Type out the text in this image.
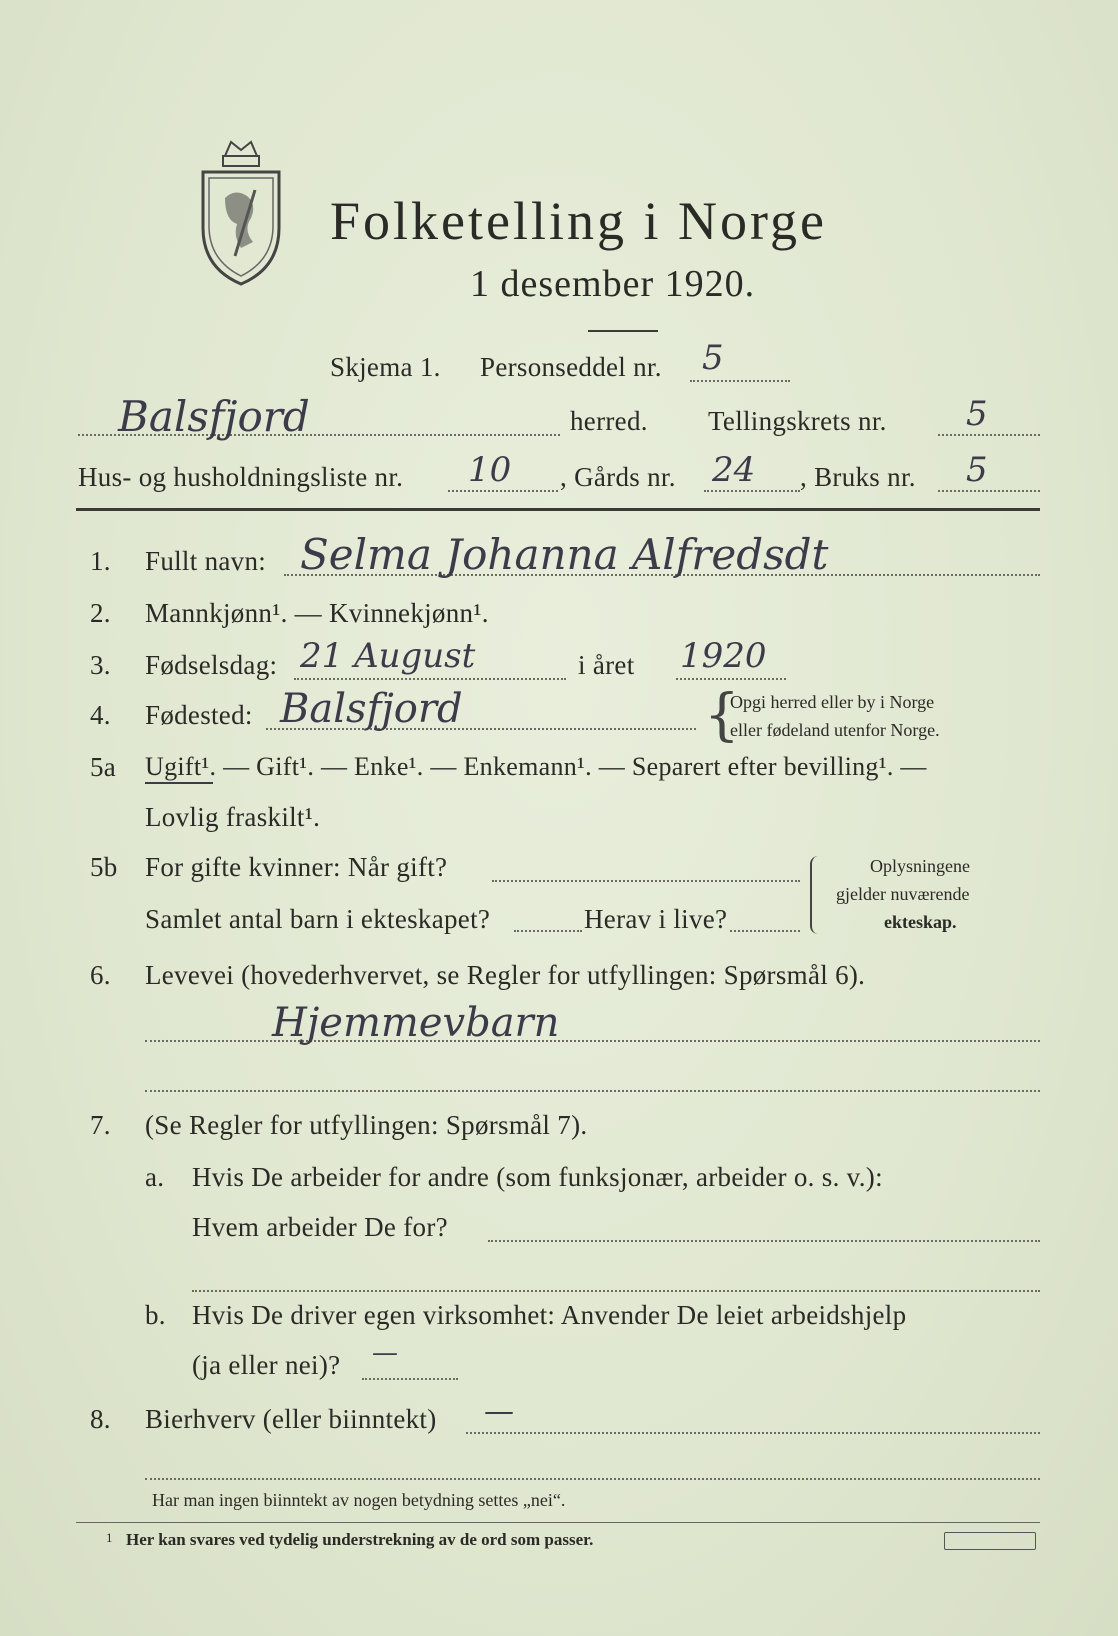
Folketelling i Norge
1 desember 1920.
Skjema 1. Personseddel nr. 5
Balsfjord	herred. Tellingskrets nr. 5
Hus- og husholdningsliste nr. 10 , Gårds nr. 24 , Bruks nr. 5
1. Fullt navn: Selma Johanna Alfredsdt
2. Mannkjønn¹. — Kvinnekjønn¹.
3. Fødselsdag: 21 August	i året 1920
4. Fødested: Balsfjord	{
Opgi herred eller by i Norge
eller fødeland utenfor Norge.
5a Ugift¹. — Gift¹. — Enke¹. — Enkemann¹. — Separert efter bevilling¹. —
Lovlig fraskilt¹.
5b For gifte kvinner: Når gift?
Samlet antal barn i ekteskapet?	Herav i live?
Oplysningene
gjelder nuværende
ekteskap.
6. Levevei (hovederhvervet, se Regler for utfyllingen: Spørsmål 6).
Hjemmevbarn
7. (Se Regler for utfyllingen: Spørsmål 7).
a. Hvis De arbeider for andre (som funksjonær, arbeider o. s. v.):
Hvem arbeider De for?
b. Hvis De driver egen virksomhet: Anvender De leiet arbeidshjelp
(ja eller nei)? —
8. Bierhverv (eller biinntekt) —
Har man ingen biinntekt av nogen betydning settes „nei“.
1 Her kan svares ved tydelig understrekning av de ord som passer.
